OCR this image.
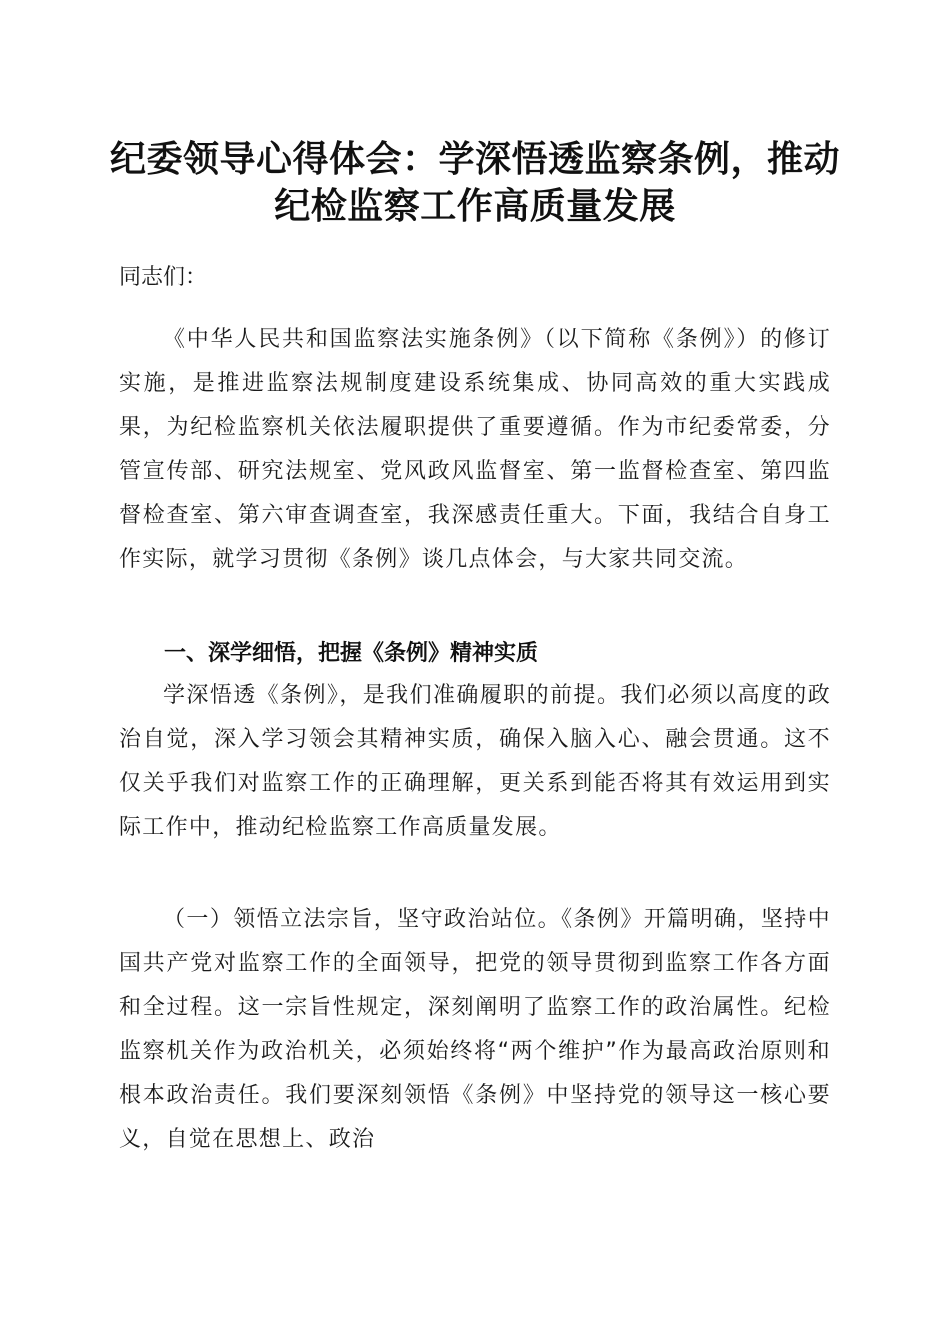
纪委领导心得体会：学深悟透监察条例，推动
纪检监察工作高质量发展
同志们：

《中华人民共和国监察法实施条例》（以下简称《条例》）的修订实施，是推进监察法规制度建设系统集成、协同高效的重大实践成果，为纪检监察机关依法履职提供了重要遵循。作为市纪委常委，分管宣传部、研究法规室、党风政风监督室、第一监督检查室、第四监督检查室、第六审查调查室，我深感责任重大。下面，我结合自身工作实际，就学习贯彻《条例》谈几点体会，与大家共同交流。

一、深学细悟，把握《条例》精神实质

学深悟透《条例》，是我们准确履职的前提。我们必须以高度的政治自觉，深入学习领会其精神实质，确保入脑入心、融会贯通。这不仅关乎我们对监察工作的正确理解，更关系到能否将其有效运用到实际工作中，推动纪检监察工作高质量发展。

（一）领悟立法宗旨，坚守政治站位。《条例》开篇明确，坚持中国共产党对监察工作的全面领导，把党的领导贯彻到监察工作各方面和全过程。这一宗旨性规定，深刻阐明了监察工作的政治属性。纪检监察机关作为政治机关，必须始终将“两个维护”作为最高政治原则和根本政治责任。我们要深刻领悟《条例》中坚持党的领导这一核心要义，自觉在思想上、政治
